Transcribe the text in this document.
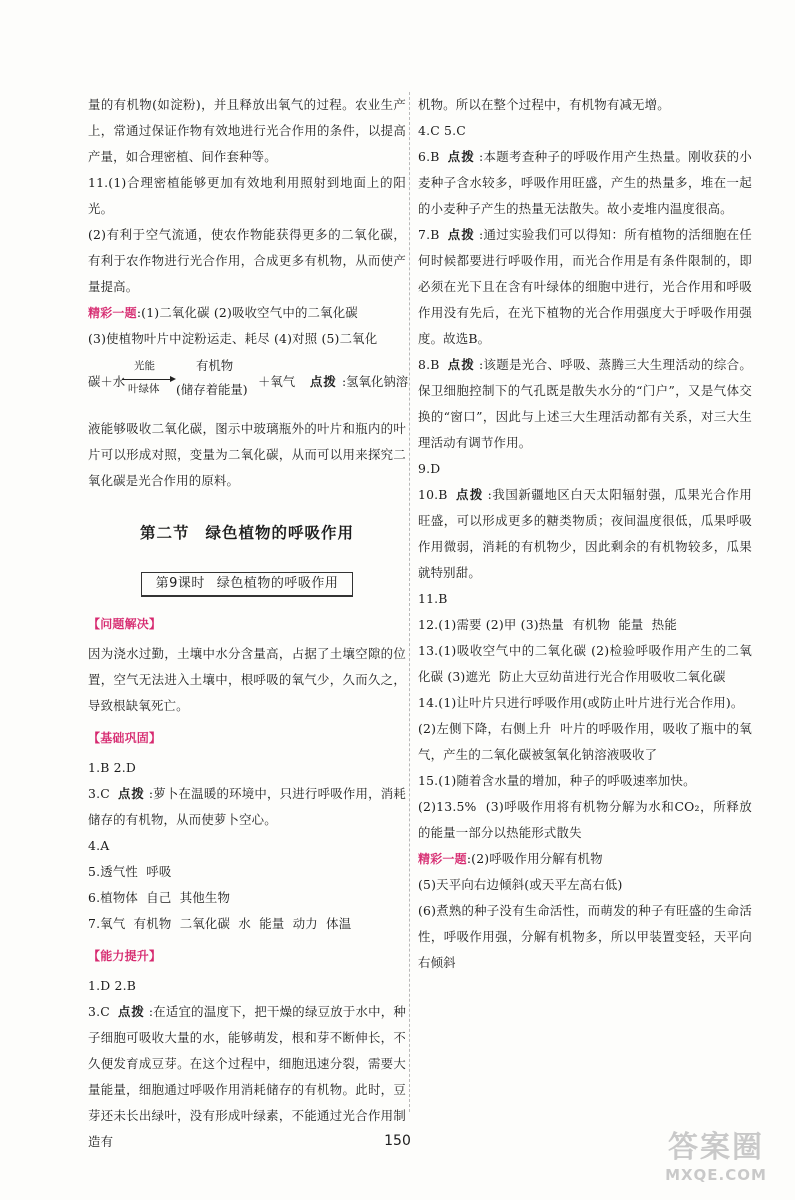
量的有机物(如淀粉)，并且释放出氧气的过程。农业生产上，常通过保证作物有效地进行光合作用的条件，以提高产量，如合理密植、间作套种等。

11.(1)合理密植能够更加有效地利用照射到地面上的阳光。

(2)有利于空气流通，使农作物能获得更多的二氧化碳，有利于农作物进行光合作用，合成更多有机物，从而使产量提高。

精彩一题:(1)二氧化碳 (2)吸收空气中的二氧化碳

(3)使植物叶片中淀粉运走、耗尽 (4)对照 (5)二氧化

碳＋水
光能
叶绿体
有机物
(储存着能量)
＋氧气 点拨 :氢氧化钠溶

液能够吸收二氧化碳，图示中玻璃瓶外的叶片和瓶内的叶片可以形成对照，变量为二氧化碳，从而可以用来探究二氧化碳是光合作用的原料。

第二节 绿色植物的呼吸作用
第9课时 绿色植物的呼吸作用

【问题解决】

因为浇水过勤，土壤中水分含量高，占据了土壤空隙的位置，空气无法进入土壤中，根呼吸的氧气少，久而久之，导致根缺氧死亡。

【基础巩固】

1.B 2.D

3.C 点拨 :萝卜在温暖的环境中，只进行呼吸作用，消耗储存的有机物，从而使萝卜空心。

4.A

5.透气性  呼吸

6.植物体  自己  其他生物

7.氧气  有机物  二氧化碳  水  能量  动力  体温

【能力提升】

1.D 2.B

3.C 点拨 :在适宜的温度下，把干燥的绿豆放于水中，种子细胞可吸收大量的水，能够萌发，根和芽不断伸长，不久便发育成豆芽。在这个过程中，细胞迅速分裂，需要大量能量，细胞通过呼吸作用消耗储存的有机物。此时，豆芽还未长出绿叶，没有形成叶绿素，不能通过光合作用制造有

机物。所以在整个过程中，有机物有减无增。

4.C 5.C

6.B 点拨 :本题考查种子的呼吸作用产生热量。刚收获的小麦种子含水较多，呼吸作用旺盛，产生的热量多，堆在一起的小麦种子产生的热量无法散失。故小麦堆内温度很高。

7.B 点拨 :通过实验我们可以得知：所有植物的活细胞在任何时候都要进行呼吸作用，而光合作用是有条件限制的，即必须在光下且在含有叶绿体的细胞中进行，光合作用和呼吸作用没有先后，在光下植物的光合作用强度大于呼吸作用强度。故选B。

8.B 点拨 :该题是光合、呼吸、蒸腾三大生理活动的综合。保卫细胞控制下的气孔既是散失水分的“门户”，又是气体交换的“窗口”，因此与上述三大生理活动都有关系，对三大生理活动有调节作用。

9.D

10.B 点拨 :我国新疆地区白天太阳辐射强，瓜果光合作用旺盛，可以形成更多的糖类物质；夜间温度很低，瓜果呼吸作用微弱，消耗的有机物少，因此剩余的有机物较多，瓜果就特别甜。

11.B

12.(1)需要 (2)甲 (3)热量  有机物  能量  热能

13.(1)吸收空气中的二氧化碳 (2)检验呼吸作用产生的二氧化碳 (3)遮光  防止大豆幼苗进行光合作用吸收二氧化碳

14.(1)让叶片只进行呼吸作用(或防止叶片进行光合作用)。

(2)左侧下降，右侧上升  叶片的呼吸作用，吸收了瓶中的氧气，产生的二氧化碳被氢氧化钠溶液吸收了

15.(1)随着含水量的增加，种子的呼吸速率加快。

(2)13.5%  (3)呼吸作用将有机物分解为水和CO₂，所释放的能量一部分以热能形式散失

精彩一题:(2)呼吸作用分解有机物

(5)天平向右边倾斜(或天平左高右低)

(6)煮熟的种子没有生命活性，而萌发的种子有旺盛的生命活性，呼吸作用强，分解有机物多，所以甲装置变轻，天平向右倾斜

150	答案圈
MXQE.COM
